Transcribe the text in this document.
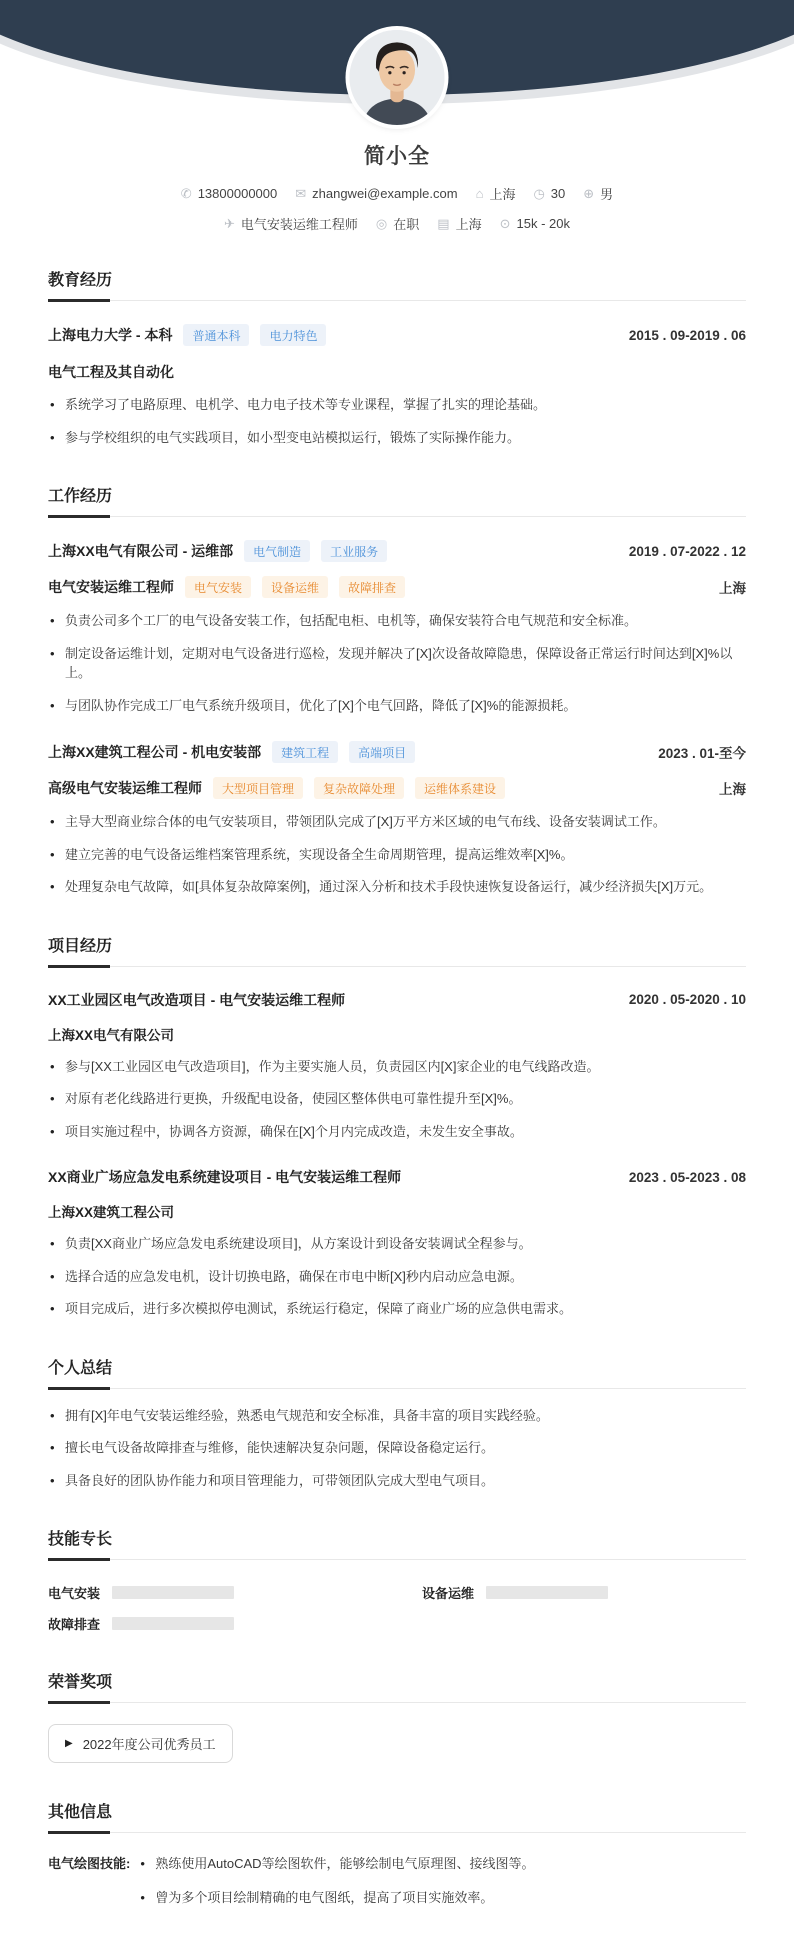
简小全
✆ 13800000000 ✉ zhangwei@example.com ⌂ 上海 ◷ 30 ⊕ 男
✈ 电气安装运维工程师 ◎ 在职 ▤ 上海 ⊙ 15k - 20k
教育经历
上海电力大学 - 本科	普通本科	电力特色	2015 . 09-2019 . 06
电气工程及其自动化
• 系统学习了电路原理、电机学、电力电子技术等专业课程，掌握了扎实的理论基础。
• 参与学校组织的电气实践项目，如小型变电站模拟运行，锻炼了实际操作能力。
工作经历
上海XX电气有限公司 - 运维部	电气制造	工业服务	2019 . 07-2022 . 12
电气安装运维工程师	电气安装	设备运维	故障排查	上海
• 负责公司多个工厂的电气设备安装工作，包括配电柜、电机等，确保安装符合电气规范和安全标准。
• 制定设备运维计划，定期对电气设备进行巡检，发现并解决了[X]次设备故障隐患，保障设备正常运行时间达到[X]%以上。
• 与团队协作完成工厂电气系统升级项目，优化了[X]个电气回路，降低了[X]%的能源损耗。
上海XX建筑工程公司 - 机电安装部	建筑工程	高端项目	2023 . 01-至今
高级电气安装运维工程师	大型项目管理	复杂故障处理	运维体系建设	上海
• 主导大型商业综合体的电气安装项目，带领团队完成了[X]万平方米区域的电气布线、设备安装调试工作。
• 建立完善的电气设备运维档案管理系统，实现设备全生命周期管理，提高运维效率[X]%。
• 处理复杂电气故障，如[具体复杂故障案例]，通过深入分析和技术手段快速恢复设备运行，减少经济损失[X]万元。
项目经历
XX工业园区电气改造项目 - 电气安装运维工程师	2020 . 05-2020 . 10
上海XX电气有限公司
• 参与[XX工业园区电气改造项目]，作为主要实施人员，负责园区内[X]家企业的电气线路改造。
• 对原有老化线路进行更换，升级配电设备，使园区整体供电可靠性提升至[X]%。
• 项目实施过程中，协调各方资源，确保在[X]个月内完成改造，未发生安全事故。
XX商业广场应急发电系统建设项目 - 电气安装运维工程师	2023 . 05-2023 . 08
上海XX建筑工程公司
• 负责[XX商业广场应急发电系统建设项目]，从方案设计到设备安装调试全程参与。
• 选择合适的应急发电机，设计切换电路，确保在市电中断[X]秒内启动应急电源。
• 项目完成后，进行多次模拟停电测试，系统运行稳定，保障了商业广场的应急供电需求。
个人总结
• 拥有[X]年电气安装运维经验，熟悉电气规范和安全标准，具备丰富的项目实践经验。
• 擅长电气设备故障排查与维修，能快速解决复杂问题，保障设备稳定运行。
• 具备良好的团队协作能力和项目管理能力，可带领团队完成大型电气项目。
技能专长
电气安装	设备运维
故障排查
荣誉奖项
▶ 2022年度公司优秀员工
其他信息
电气绘图技能:	• 熟练使用AutoCAD等绘图软件，能够绘制电气原理图、接线图等。
• 曾为多个项目绘制精确的电气图纸，提高了项目实施效率。
